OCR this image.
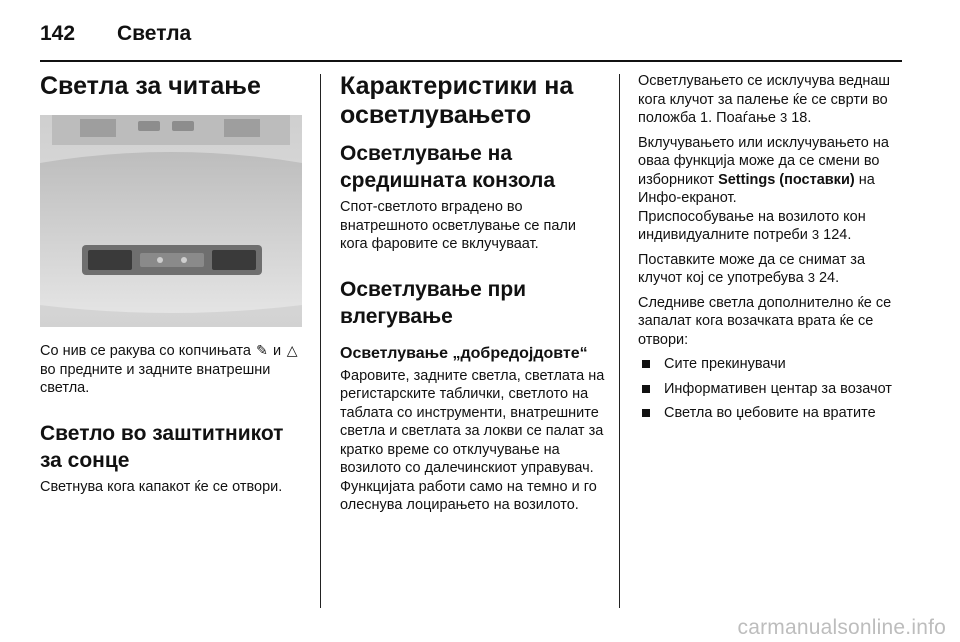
142 Светла
Светла за читање

Со нив се ракува со копчињата ✎ и △ во предните и задните внатрешни светла.

Светло во заштитникот за сонце

Светнува кога капакот ќе се отвори.

Карактеристики на осветлувањето
Осветлување на средишната конзола

Спот-светлото вградено во внатрешното осветлување се пали кога фаровите се вклучуваат.

Осветлување при влегување
Осветлување „добредојдовте“

Фаровите, задните светла, светлата на регистарските таблички, светлото на таблата со инструменти, внатрешните светла и светлата за локви се палат за кратко време со отклучување на возилото со далечинскиот управувач. Функцијата работи само на темно и го олеснува лоцирањето на возилото.

Осветлувањето се исклучува веднаш кога клучот за палење ќе се сврти во положба 1. Поаѓање 3 18.

Вклучувањето или исклучувањето на оваа функција може да се смени во изборникот Settings (поставки) на Инфо-екранот.

Приспособување на возилото кон индивидуалните потреби 3 124.

Поставките може да се снимат за клучот кој се употребува 3 24.

Следниве светла дополнително ќе се запалат кога возачката врата ќе се отвори:

Сите прекинувачи
Информативен центар за возачот
Светла во џебовите на вратите
carmanualsonline.info
